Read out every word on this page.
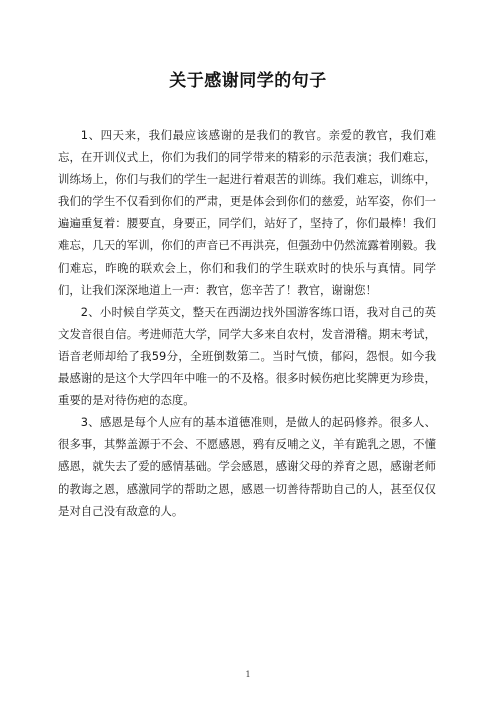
关于感谢同学的句子

1、四天来，我们最应该感谢的是我们的教官。亲爱的教官，我们难忘，在开训仪式上，你们为我们的同学带来的精彩的示范表演；我们难忘，训练场上，你们与我们的学生一起进行着艰苦的训练。我们难忘，训练中，我们的学生不仅看到你们的严肃，更是体会到你们的慈爱，站军姿，你们一遍遍重复着：腰要直，身要正，同学们，站好了，坚持了，你们最棒！我们难忘，几天的军训，你们的声音已不再洪亮，但强劲中仍然流露着刚毅。我们难忘，昨晚的联欢会上，你们和我们的学生联欢时的快乐与真情。同学们，让我们深深地道上一声：教官，您辛苦了！教官，谢谢您！

2、小时候自学英文，整天在西湖边找外国游客练口语，我对自己的英文发音很自信。考进师范大学，同学大多来自农村，发音滑稽。期末考试，语音老师却给了我59分，全班倒数第二。当时气愤，郁闷，怨恨。如今我最感谢的是这个大学四年中唯一的不及格。很多时候伤疤比奖牌更为珍贵，重要的是对待伤疤的态度。

3、感恩是每个人应有的基本道德准则，是做人的起码修养。很多人、很多事，其弊盖源于不会、不愿感恩，鸦有反哺之义，羊有跪乳之恩，不懂感恩，就失去了爱的感情基础。学会感恩，感谢父母的养育之恩，感谢老师的教诲之恩，感激同学的帮助之恩，感恩一切善待帮助自己的人，甚至仅仅是对自己没有敌意的人。

1
